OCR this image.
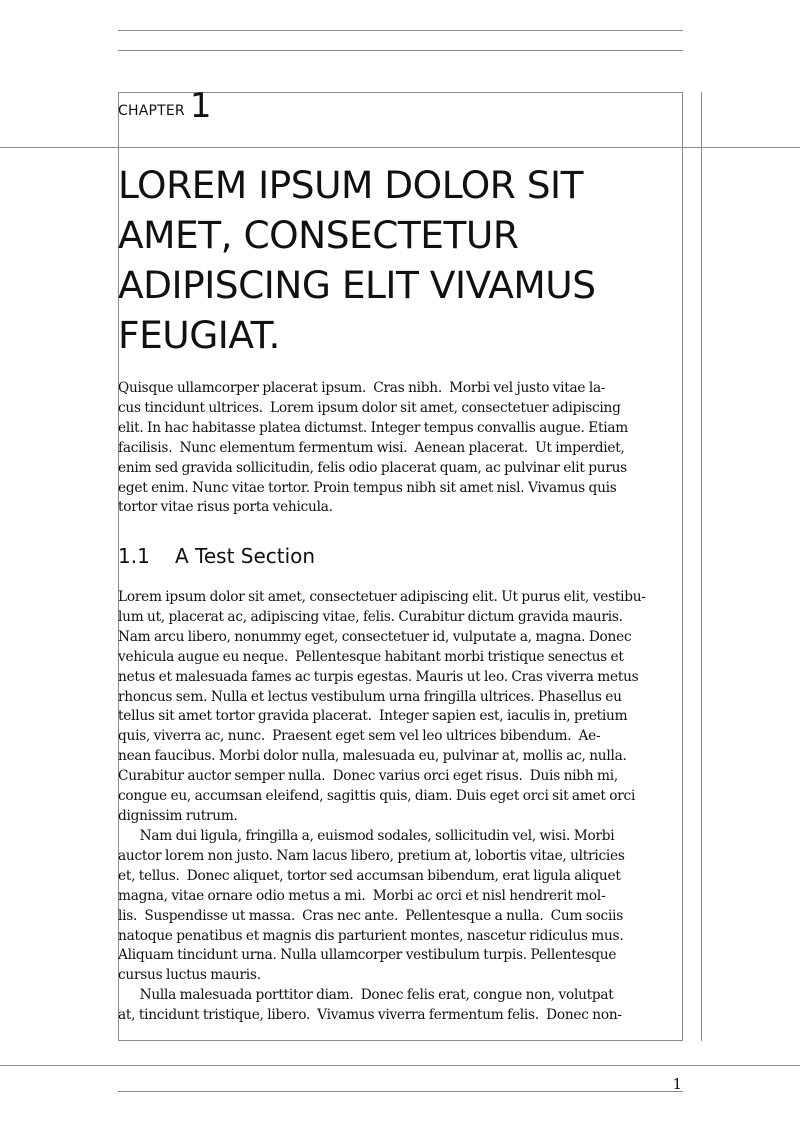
CHAPTER 1
LOREM IPSUM DOLOR SIT
AMET, CONSECTETUR
ADIPISCING ELIT VIVAMUS
FEUGIAT.

Quisque ullamcorper placerat ipsum.  Cras nibh.  Morbi vel justo vitae la-
cus tincidunt ultrices.  Lorem ipsum dolor sit amet, consectetuer adipiscing
elit. In hac habitasse platea dictumst. Integer tempus convallis augue. Etiam
facilisis.  Nunc elementum fermentum wisi.  Aenean placerat.  Ut imperdiet,
enim sed gravida sollicitudin, felis odio placerat quam, ac pulvinar elit purus
eget enim. Nunc vitae tortor. Proin tempus nibh sit amet nisl. Vivamus quis
tortor vitae risus porta vehicula.

1.1 A Test Section

Lorem ipsum dolor sit amet, consectetuer adipiscing elit. Ut purus elit, vestibu-
lum ut, placerat ac, adipiscing vitae, felis. Curabitur dictum gravida mauris.
Nam arcu libero, nonummy eget, consectetuer id, vulputate a, magna. Donec
vehicula augue eu neque.  Pellentesque habitant morbi tristique senectus et
netus et malesuada fames ac turpis egestas. Mauris ut leo. Cras viverra metus
rhoncus sem. Nulla et lectus vestibulum urna fringilla ultrices. Phasellus eu
tellus sit amet tortor gravida placerat.  Integer sapien est, iaculis in, pretium
quis, viverra ac, nunc.  Praesent eget sem vel leo ultrices bibendum.  Ae-
nean faucibus. Morbi dolor nulla, malesuada eu, pulvinar at, mollis ac, nulla.
Curabitur auctor semper nulla.  Donec varius orci eget risus.  Duis nibh mi,
congue eu, accumsan eleifend, sagittis quis, diam. Duis eget orci sit amet orci
dignissim rutrum.

Nam dui ligula, fringilla a, euismod sodales, sollicitudin vel, wisi. Morbi
auctor lorem non justo. Nam lacus libero, pretium at, lobortis vitae, ultricies
et, tellus.  Donec aliquet, tortor sed accumsan bibendum, erat ligula aliquet
magna, vitae ornare odio metus a mi.  Morbi ac orci et nisl hendrerit mol-
lis.  Suspendisse ut massa.  Cras nec ante.  Pellentesque a nulla.  Cum sociis
natoque penatibus et magnis dis parturient montes, nascetur ridiculus mus.
Aliquam tincidunt urna. Nulla ullamcorper vestibulum turpis. Pellentesque
cursus luctus mauris.

Nulla malesuada porttitor diam.  Donec felis erat, congue non, volutpat
at, tincidunt tristique, libero.  Vivamus viverra fermentum felis.  Donec non-

1
